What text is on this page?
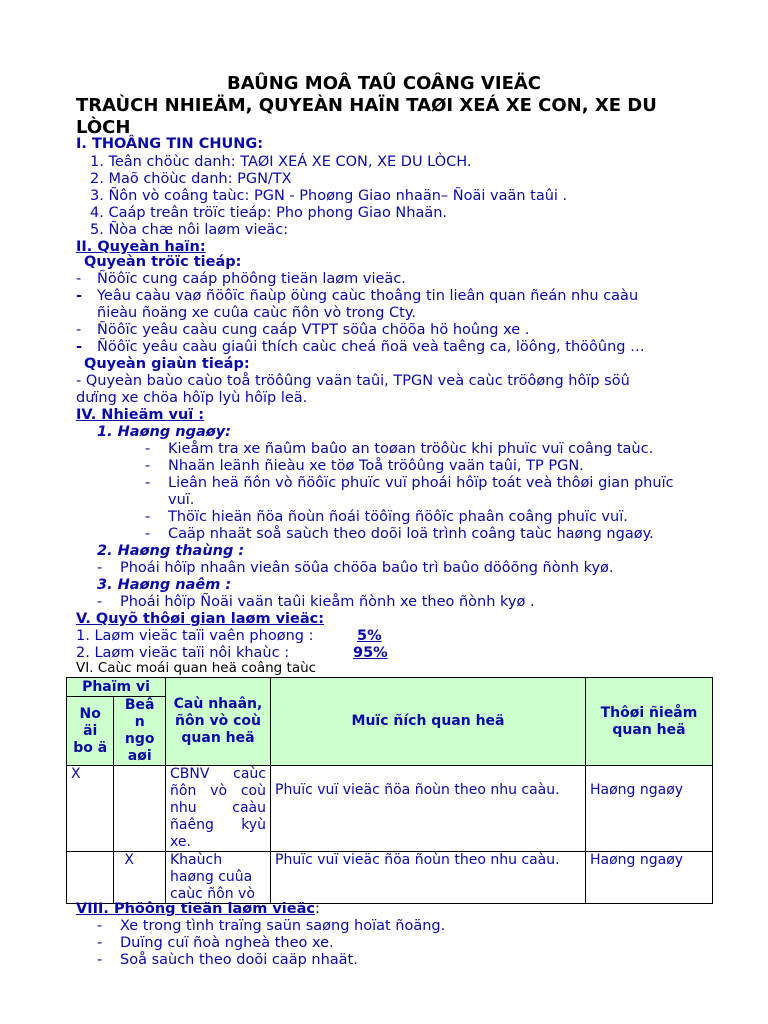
BAÛNG MOÂ TAÛ COÂNG VIEÄC
TRAÙCH NHIEÄM, QUYEÀN HAÏN TAØI XEÁ XE CON, XE DU LÒCH
I. THOÂNG TIN CHUNG:
1. Teân chöùc danh: TAØI XEÁ XE CON, XE DU LÒCH.
2. Maõ chöùc danh: PGN/TX
3. Ñôn vò coâng taùc: PGN - Phoøng Giao nhaän– Ñoäi vaän taûi .
4. Caáp treân tröïc tieáp: Pho phong Giao Nhaän.
5. Ñòa chæ nôi laøm vieäc:
II. Quyeàn haïn:
Quyeàn tröïc tieáp:
- Ñöôïc cung caáp phöông tieän laøm vieäc.
- Yeâu caàu vaø ñöôïc ñaùp öùng caùc thoâng tin lieân quan ñeán nhu caàu
ñieàu ñoäng xe cuûa caùc ñôn vò trong Cty.
- Ñöôïc yeâu caàu cung caáp VTPT söûa chöõa hö hoûng xe .
- Ñöôïc yeâu caàu giaûi thích caùc cheá ñoä veà taêng ca, löông, thöôûng …
Quyeàn giaùn tieáp:
- Quyeàn baùo caùo toå tröôûng vaän taûi, TPGN veà caùc tröôøng hôïp söû
dưïng xe chöa hôïp lyù hôïp leä.
IV. Nhieäm vuï :
1. Haøng ngaøy:
- Kieåm tra xe ñaûm baûo an toøan tröôùc khi phuïc vuï coâng taùc.
- Nhaän leänh ñieàu xe töø Toå tröôûng vaän taûi, TP PGN.
- Lieân heä ñôn vò ñöôïc phuïc vuï phoái hôïp toát veà thôøi gian phuïc
vuï.
- Thöïc hieän ñöa ñoùn ñoái töôïng ñöôïc phaân coâng phuïc vuï.
- Caäp nhaät soå saùch theo doõi loä trình coâng taùc haøng ngaøy.
2. Haøng thaùng :
- Phoái hôïp nhaân vieân söûa chöõa baûo trì baûo döôõng ñònh kyø.
3. Haøng naêm :
- Phoái hôïp Ñoäi vaän taûi kieåm ñònh xe theo ñònh kyø .
V. Quyõ thôøi gian laøm vieäc:
1. Laøm vieäc taïi vaên phoøng :	5%
2. Laøm vieäc taïi nôi khaùc :	95%
VI. Caùc moái quan heä coâng taùc
Phaïm vi		Caù nhaân, ñôn vò coù quan heä	Muïc ñích quan heä	Thôøi ñieåm quan heä
No äi bo ä	Beâ n ngo aøi			
X		CBNV caùc ñôn vò coù nhu caàu ñaêng kyù xe.	Phuïc vuï vieäc ñöa ñoùn theo nhu caàu.	Haøng ngaøy
	X	Khaùch haøng cuûa caùc ñôn vò	Phuïc vuï vieäc ñöa ñoùn theo nhu caàu.	Haøng ngaøy
VIII. Phöông tieän laøm vieäc:
- Xe trong tình traïng saün saøng hoïat ñoäng.
- Duïng cuï ñoà ngheà theo xe.
- Soå saùch theo doõi caäp nhaät.
